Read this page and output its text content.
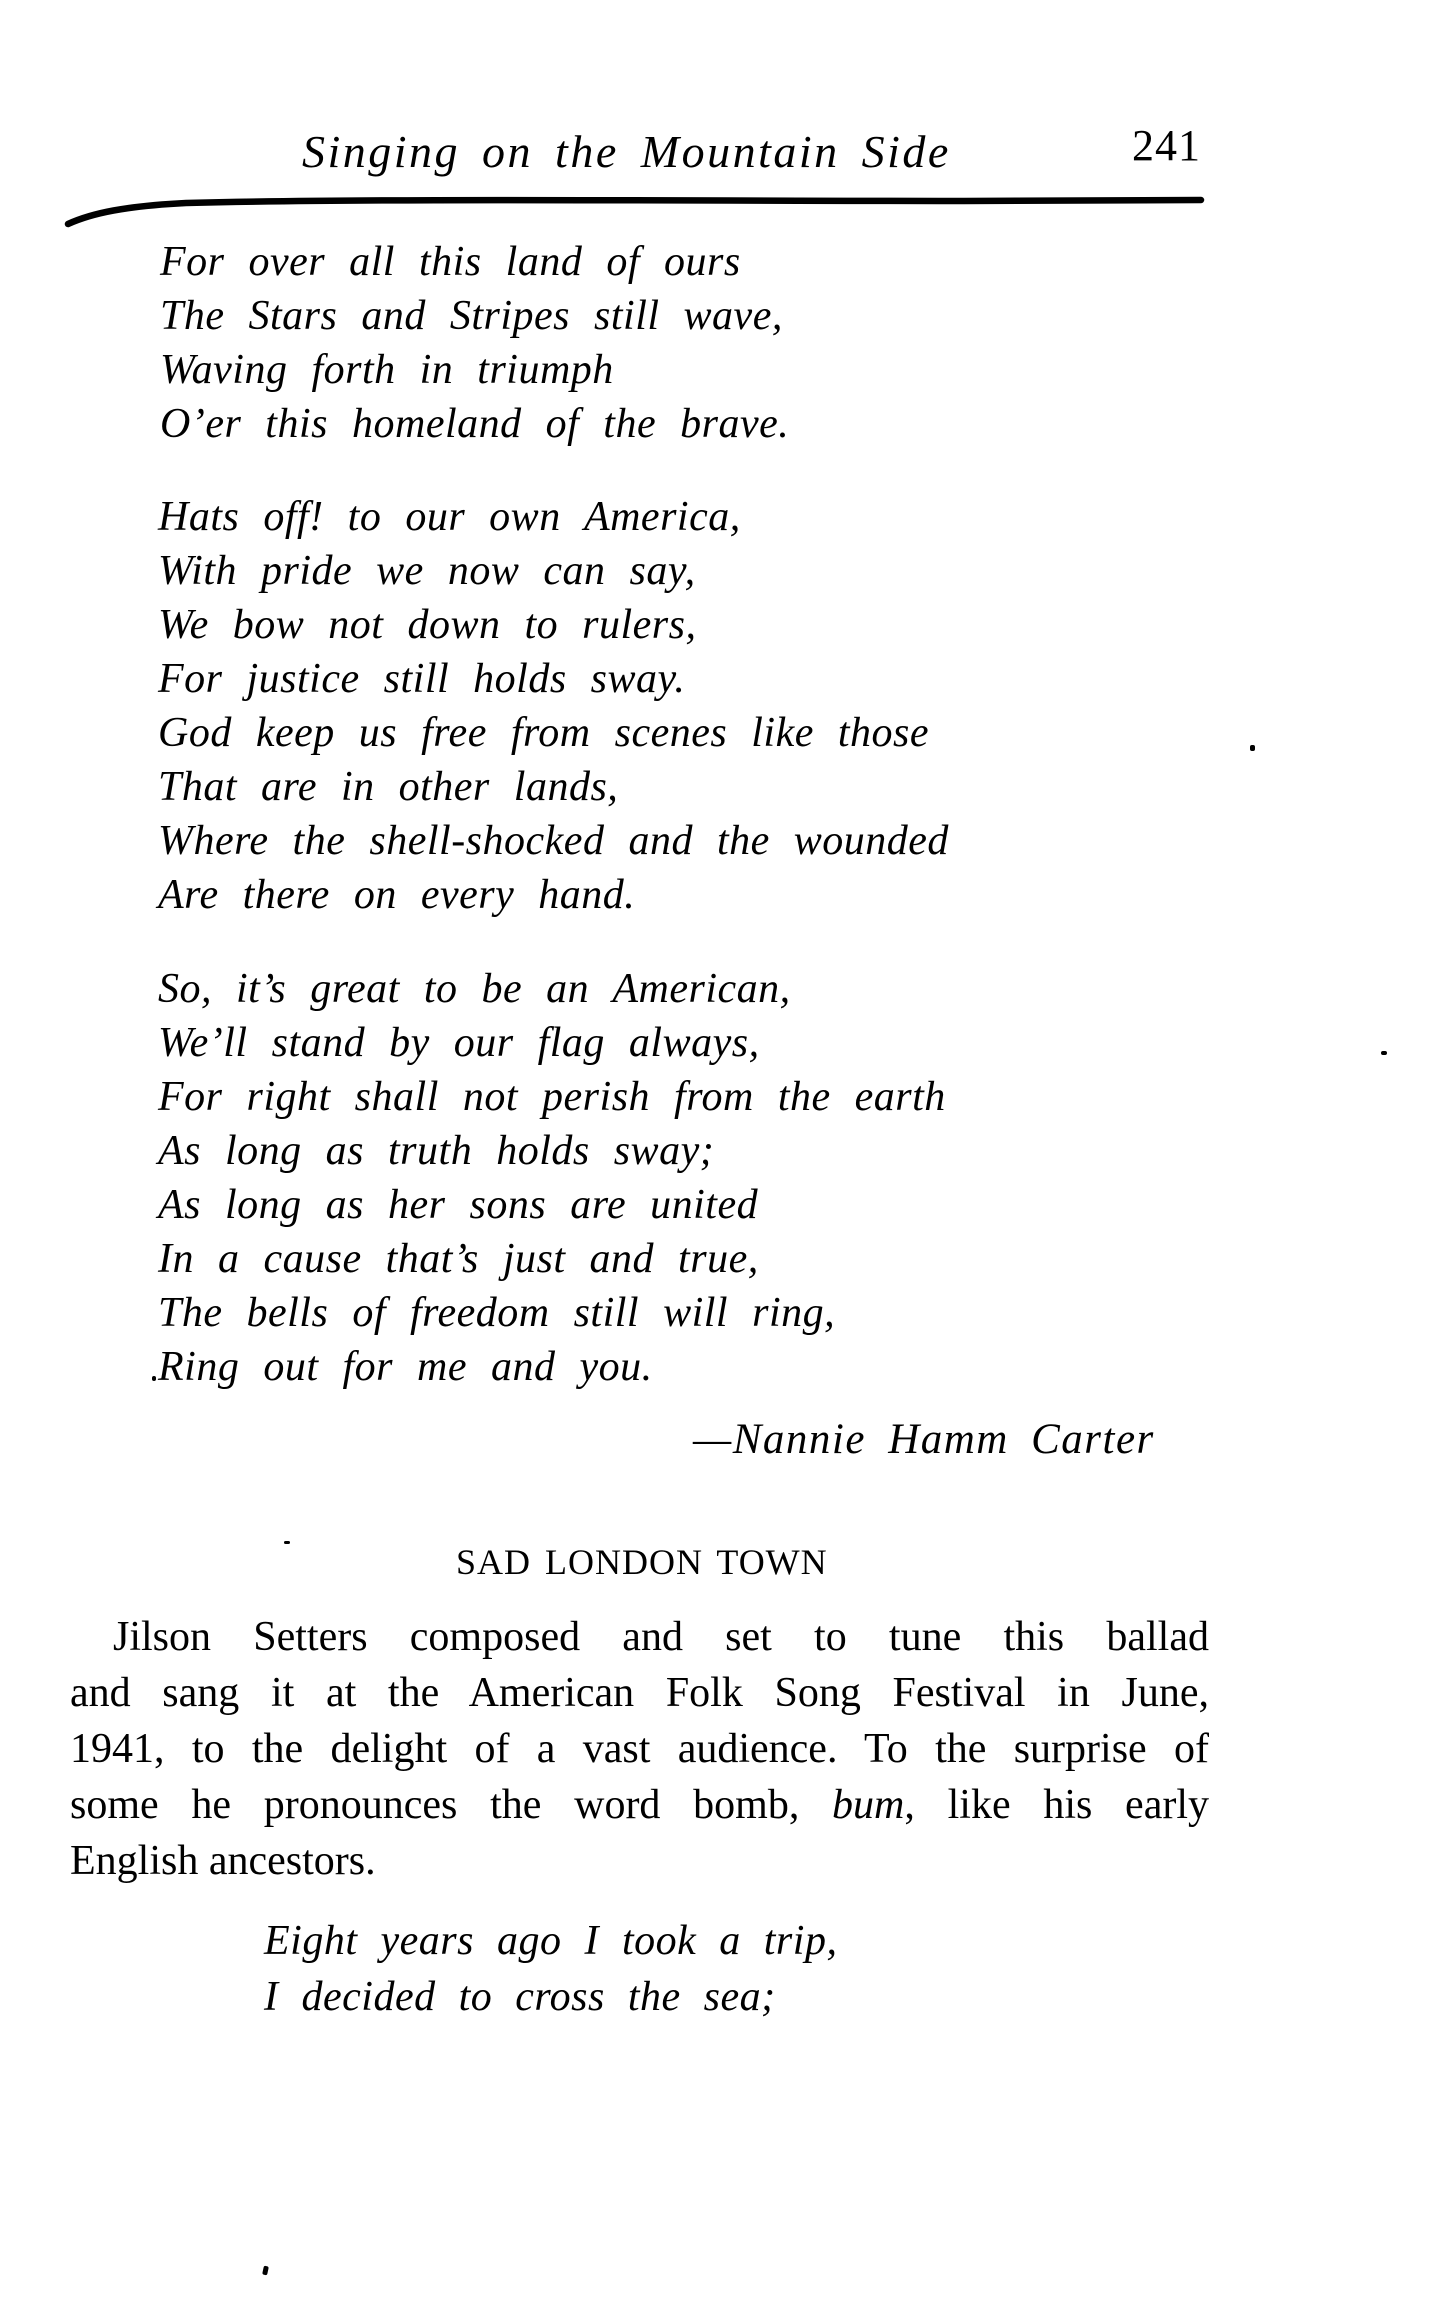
Singing on the Mountain Side	241
For over all this land of ours
The Stars and Stripes still wave,
Waving forth in triumph
O’er this homeland of the brave.
Hats off! to our own America,
With pride we now can say,
We bow not down to rulers,
For justice still holds sway.
God keep us free from scenes like those
That are in other lands,
Where the shell-shocked and the wounded
Are there on every hand.
So, it’s great to be an American,
We’ll stand by our flag always,
For right shall not perish from the earth
As long as truth holds sway;
As long as her sons are united
In a cause that’s just and true,
The bells of freedom still will ring,
Ring out for me and you.
—Nannie Hamm Carter
SAD LONDON TOWN
Jilson Setters composed and set to tune this ballad
and sang it at the American Folk Song Festival in June,
1941, to the delight of a vast audience. To the surprise of
some he pronounces the word bomb, bum, like his early
English ancestors.
Eight years ago I took a trip,
I decided to cross the sea;
